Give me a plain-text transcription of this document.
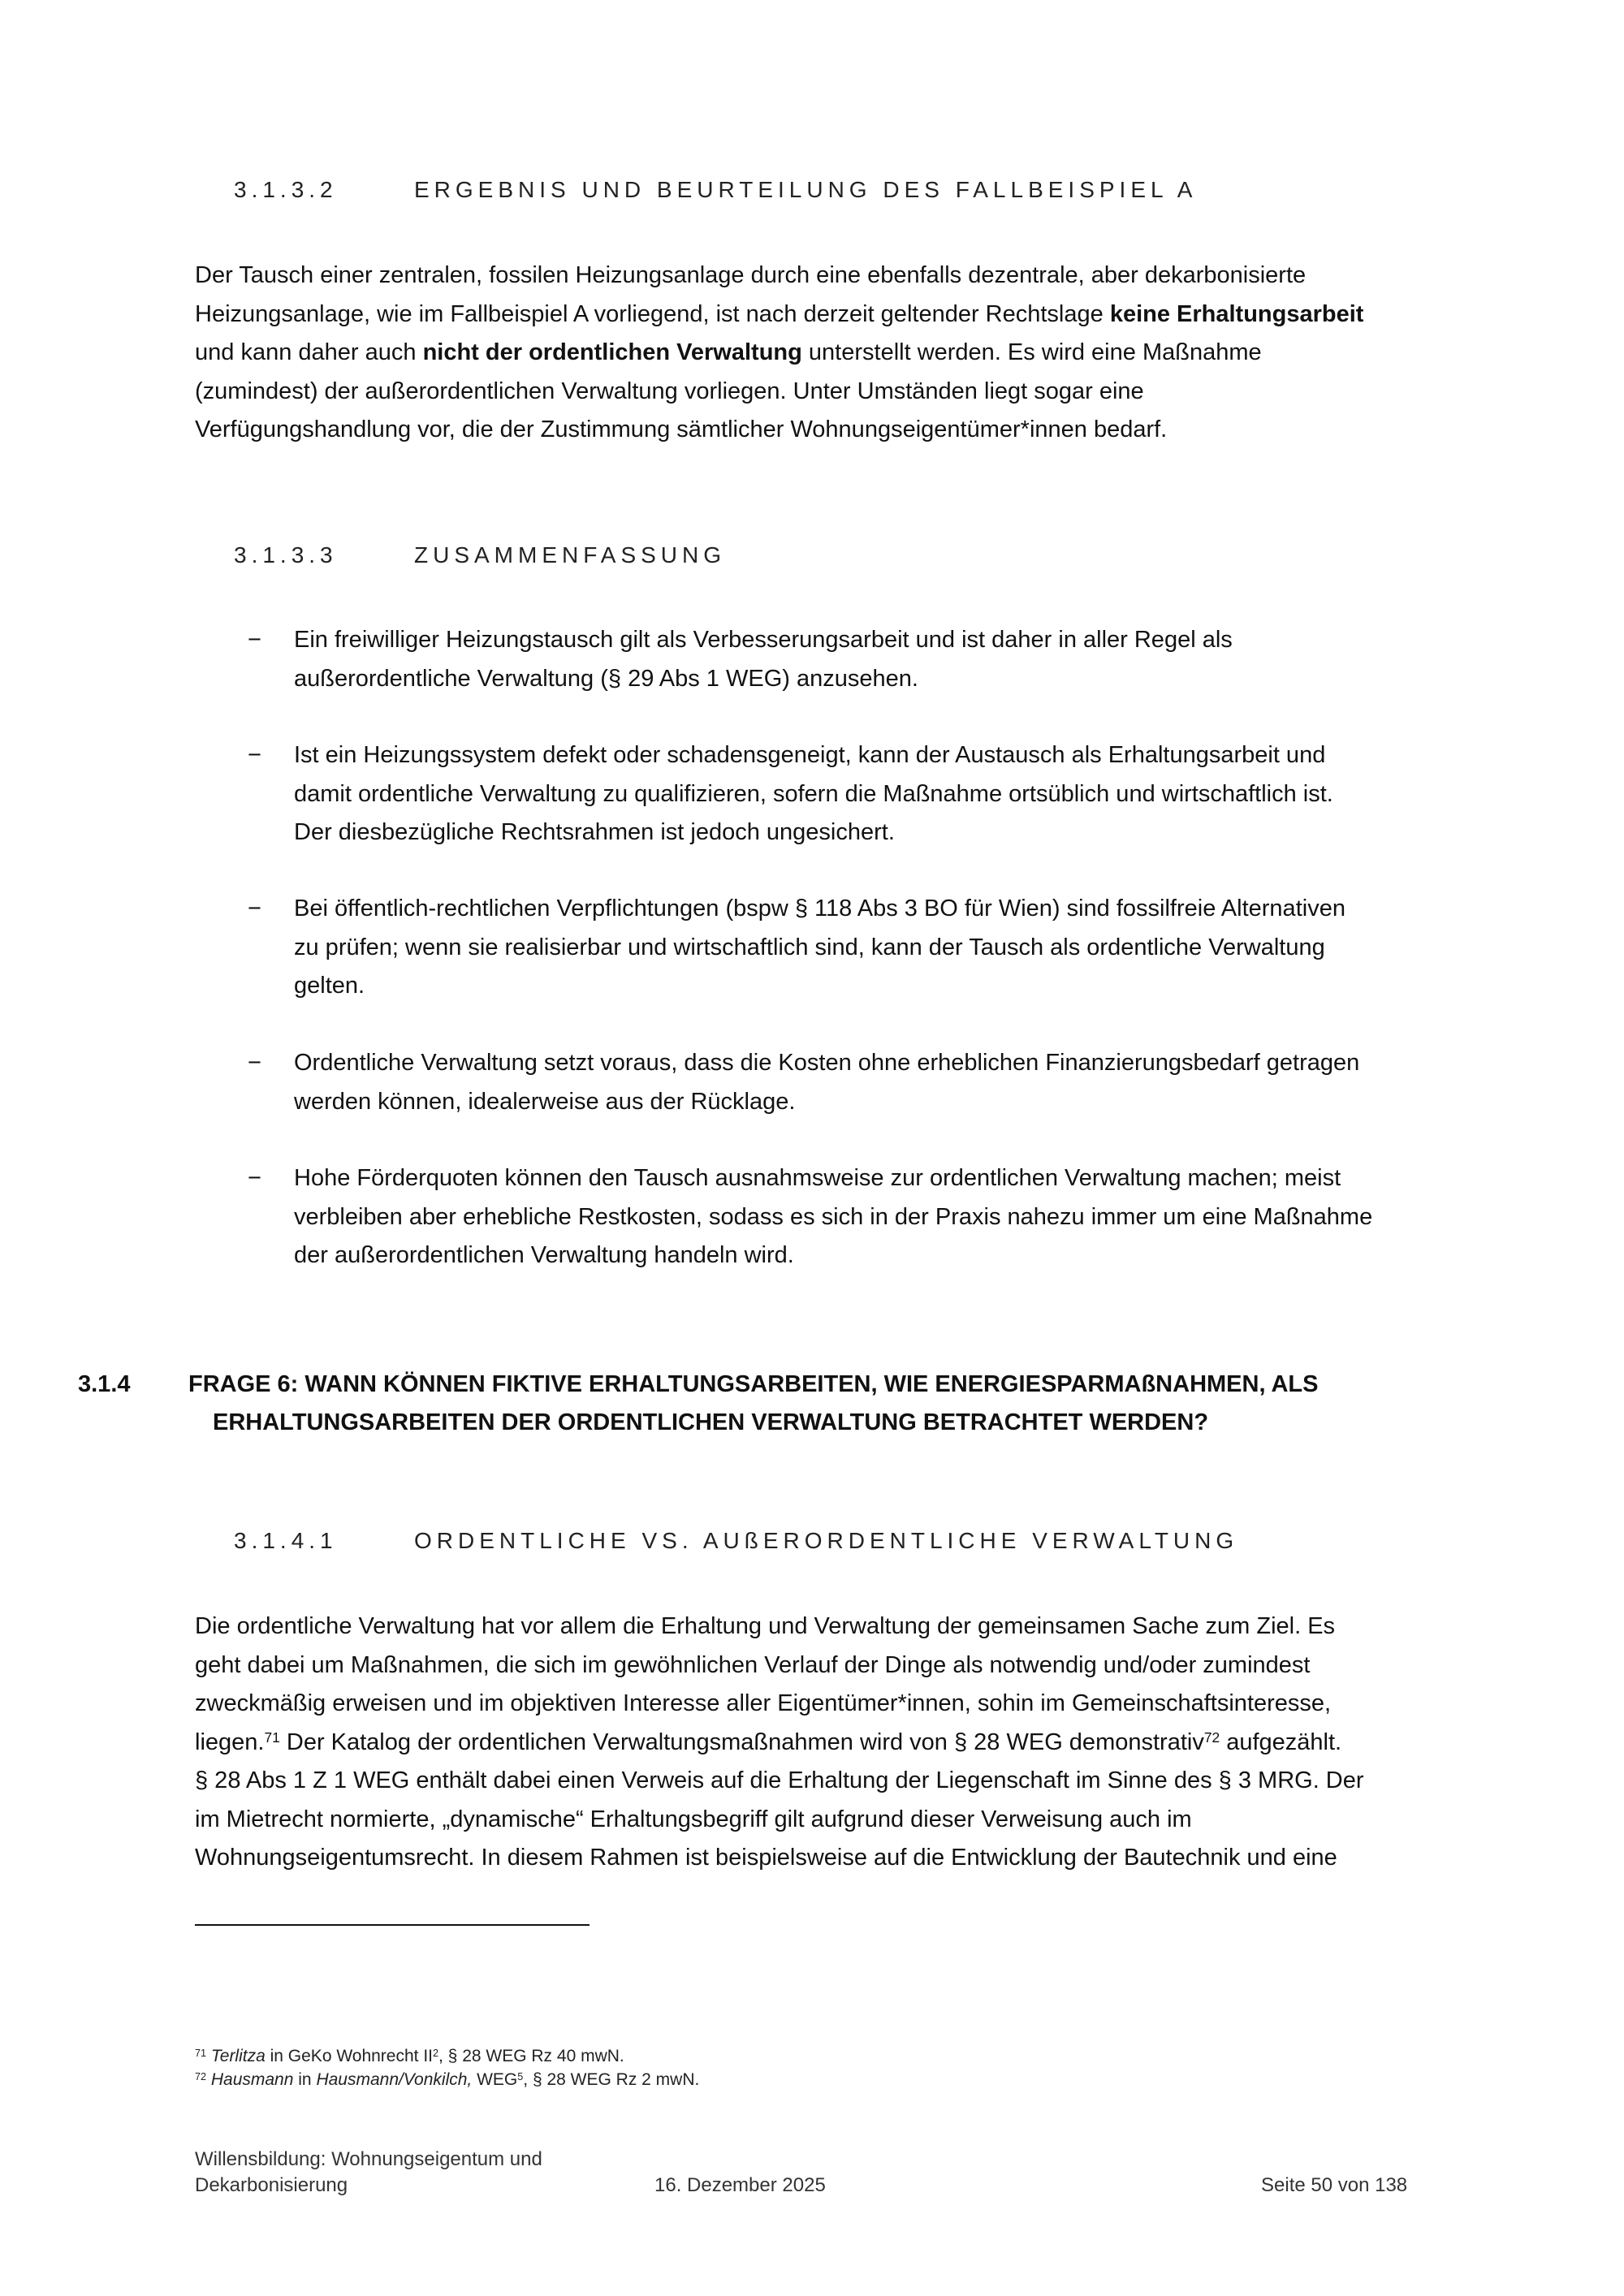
3.1.3.2	ERGEBNIS UND BEURTEILUNG DES FALLBEISPIEL A
Der Tausch einer zentralen, fossilen Heizungsanlage durch eine ebenfalls dezentrale, aber dekarbonisierte
Heizungsanlage, wie im Fallbeispiel A vorliegend, ist nach derzeit geltender Rechtslage keine Erhaltungsarbeit
und kann daher auch nicht der ordentlichen Verwaltung unterstellt werden. Es wird eine Maßnahme
(zumindest) der außerordentlichen Verwaltung vorliegen. Unter Umständen liegt sogar eine
Verfügungshandlung vor, die der Zustimmung sämtlicher Wohnungseigentümer*innen bedarf.
3.1.3.3	ZUSAMMENFASSUNG
− Ein freiwilliger Heizungstausch gilt als Verbesserungsarbeit und ist daher in aller Regel als
außerordentliche Verwaltung (§ 29 Abs 1 WEG) anzusehen.
− Ist ein Heizungssystem defekt oder schadensgeneigt, kann der Austausch als Erhaltungsarbeit und
damit ordentliche Verwaltung zu qualifizieren, sofern die Maßnahme ortsüblich und wirtschaftlich ist.
Der diesbezügliche Rechtsrahmen ist jedoch ungesichert.
− Bei öffentlich-rechtlichen Verpflichtungen (bspw § 118 Abs 3 BO für Wien) sind fossilfreie Alternativen
zu prüfen; wenn sie realisierbar und wirtschaftlich sind, kann der Tausch als ordentliche Verwaltung
gelten.
− Ordentliche Verwaltung setzt voraus, dass die Kosten ohne erheblichen Finanzierungsbedarf getragen
werden können, idealerweise aus der Rücklage.
− Hohe Förderquoten können den Tausch ausnahmsweise zur ordentlichen Verwaltung machen; meist
verbleiben aber erhebliche Restkosten, sodass es sich in der Praxis nahezu immer um eine Maßnahme
der außerordentlichen Verwaltung handeln wird.
3.1.4 FRAGE 6: WANN KÖNNEN FIKTIVE ERHALTUNGSARBEITEN, WIE ENERGIESPARMAßNAHMEN, ALS
ERHALTUNGSARBEITEN DER ORDENTLICHEN VERWALTUNG BETRACHTET WERDEN?
3.1.4.1	ORDENTLICHE VS. AUßERORDENTLICHE VERWALTUNG
Die ordentliche Verwaltung hat vor allem die Erhaltung und Verwaltung der gemeinsamen Sache zum Ziel. Es
geht dabei um Maßnahmen, die sich im gewöhnlichen Verlauf der Dinge als notwendig und/oder zumindest
zweckmäßig erweisen und im objektiven Interesse aller Eigentümer*innen, sohin im Gemeinschaftsinteresse,
liegen.$^{71}$ Der Katalog der ordentlichen Verwaltungsmaßnahmen wird von § 28 WEG demonstrativ$^{72}$ aufgezählt.
§ 28 Abs 1 Z 1 WEG enthält dabei einen Verweis auf die Erhaltung der Liegenschaft im Sinne des § 3 MRG. Der
im Mietrecht normierte, „dynamische“ Erhaltungsbegriff gilt aufgrund dieser Verweisung auch im
Wohnungseigentumsrecht. In diesem Rahmen ist beispielsweise auf die Entwicklung der Bautechnik und eine
$^{71}$ Terlitza in GeKo Wohnrecht $II^2$, § 28 WEG Rz 40 mwN.
$^{72}$ Hausmann in Hausmann/Vonkilch, WEG$^5$, § 28 WEG Rz 2 mwN.
Willensbildung: Wohnungseigentum und
Dekarbonisierung	16. Dezember 2025	Seite 50 von 138
